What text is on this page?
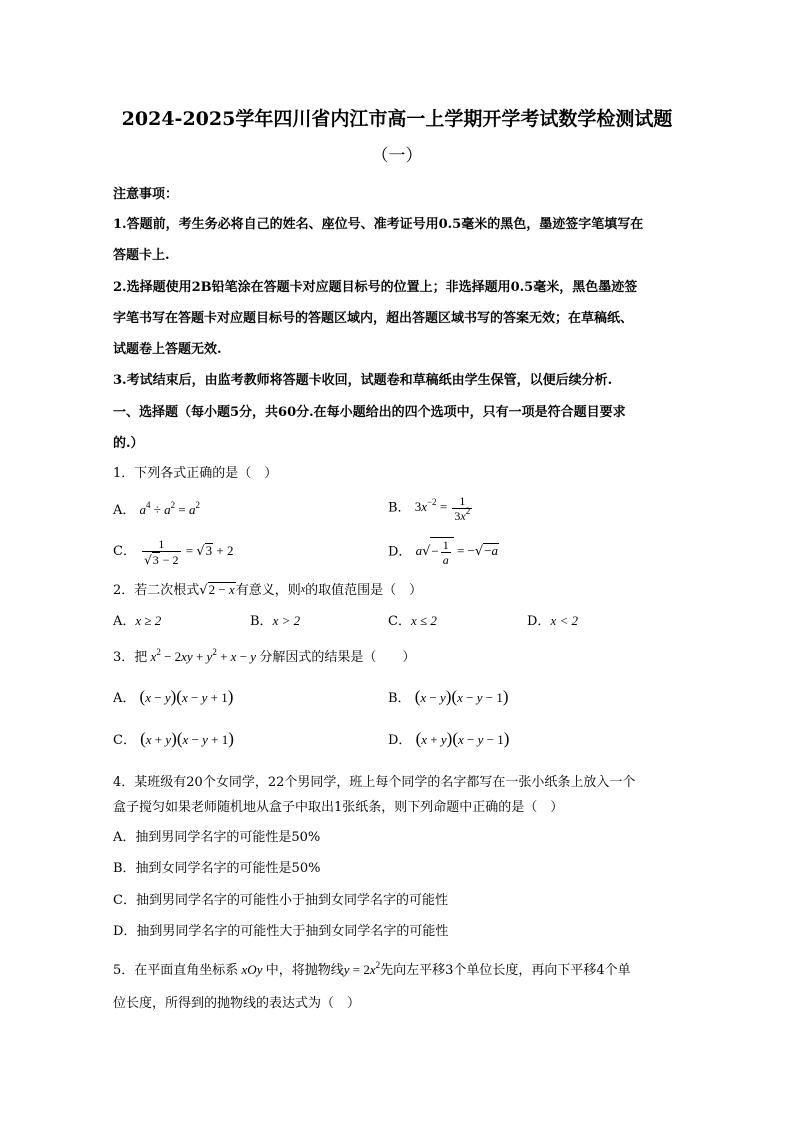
2024-2025学年四川省内江市高一上学期开学考试数学检测试题
（一）
注意事项：
1.答题前，考生务必将自己的姓名、座位号、准考证号用0.5毫米的黑色，墨迹签字笔填写在
答题卡上.
2.选择题使用2B铅笔涂在答题卡对应题目标号的位置上；非选择题用0.5毫米，黑色墨迹签
字笔书写在答题卡对应题目标号的答题区域内，超出答题区域书写的答案无效；在草稿纸、
试题卷上答题无效.
3.考试结束后，由监考教师将答题卡收回，试题卷和草稿纸由学生保管，以便后续分析.
一、选择题（每小题5分，共60分.在每小题给出的四个选项中，只有一项是符合题目要求
的.）
1．下列各式正确的是（　）
A． $a^4 \div a^2 = a^2$	B． $3x^{-2} = \frac{1}{3x^2}$
C． $\frac{1}{√3 - 2} = √3 + 2$	D． $a√- \frac{1}{a} = -√-a$
2．若二次根式√2 − x有意义，则$^x$的取值范围是（　）
A．x ≥ 2	B．x > 2	C．x ≤ 2	D．x < 2
3．把 $x^2 - 2xy + y^2 + x - y$ 分解因式的结果是（　　）
A． (x − y)(x − y + 1)	B． (x − y)(x − y − 1)
C． (x + y)(x − y + 1)	D． (x + y)(x − y − 1)
4．某班级有20个女同学，22个男同学，班上每个同学的名字都写在一张小纸条上放入一个
盒子搅匀如果老师随机地从盒子中取出1张纸条，则下列命题中正确的是（　）
A．抽到男同学名字的可能性是50%
B．抽到女同学名字的可能性是50%
C．抽到男同学名字的可能性小于抽到女同学名字的可能性
D．抽到男同学名字的可能性大于抽到女同学名字的可能性
5．在平面直角坐标系 xOy 中，将抛物线$y = 2x^2$先向左平移3个单位长度，再向下平移4个单
位长度，所得到的抛物线的表达式为（　）
